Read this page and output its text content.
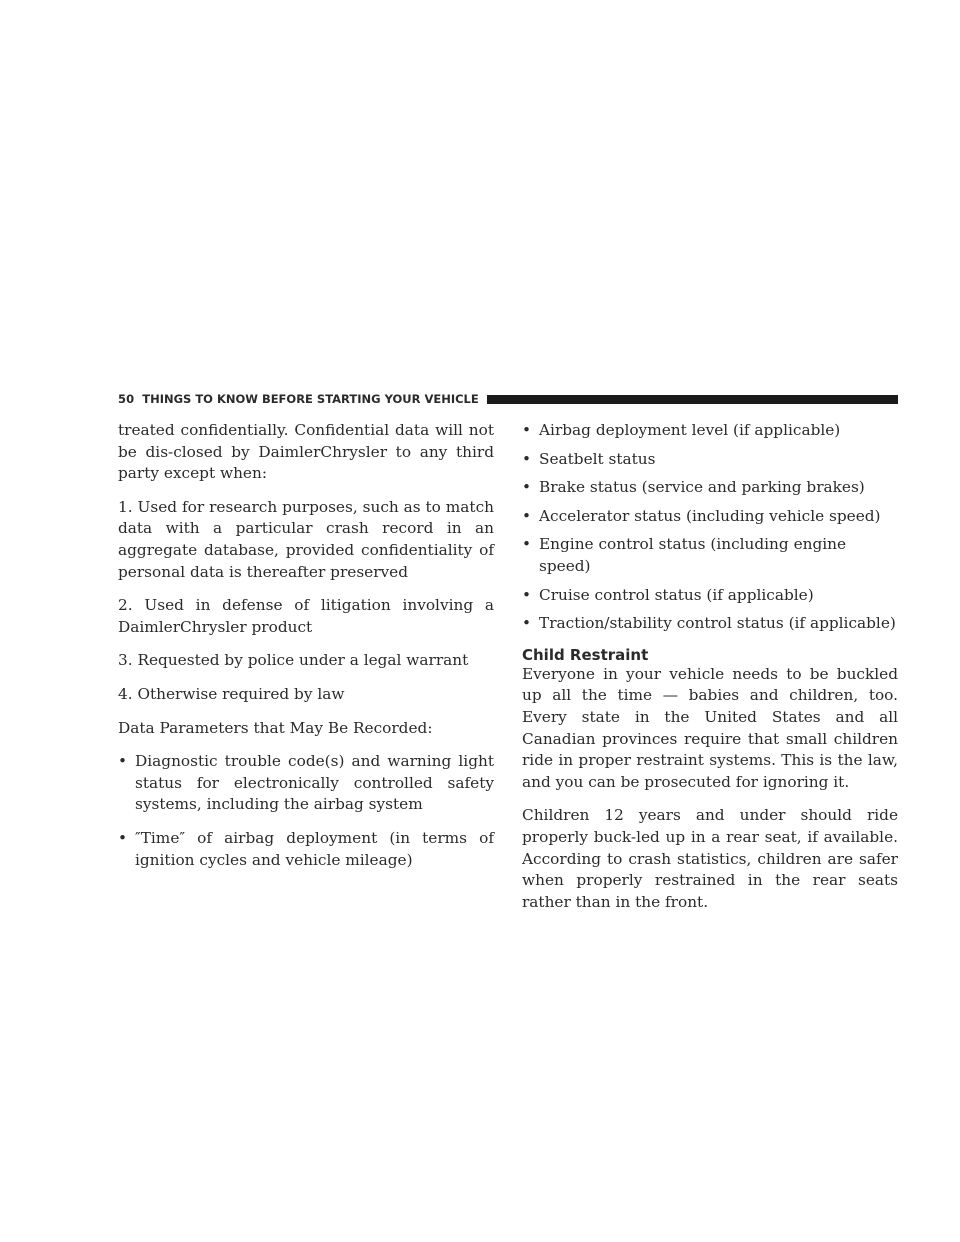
50 THINGS TO KNOW BEFORE STARTING YOUR VEHICLE

treated confidentially. Confidential data will not be dis-closed by DaimlerChrysler to any third party except when:

1. Used for research purposes, such as to match data with a particular crash record in an aggregate database, provided confidentiality of personal data is thereafter preserved

2. Used in defense of litigation involving a DaimlerChrysler product

3. Requested by police under a legal warrant

4. Otherwise required by law

Data Parameters that May Be Recorded:

• Diagnostic trouble code(s) and warning light status for electronically controlled safety systems, including the airbag system
• ″Time″ of airbag deployment (in terms of ignition cycles and vehicle mileage)
• Airbag deployment level (if applicable)
• Seatbelt status
• Brake status (service and parking brakes)
• Accelerator status (including vehicle speed)
• Engine control status (including engine speed)
• Cruise control status (if applicable)
• Traction/stability control status (if applicable)
Child Restraint

Everyone in your vehicle needs to be buckled up all the time — babies and children, too. Every state in the United States and all Canadian provinces require that small children ride in proper restraint systems. This is the law, and you can be prosecuted for ignoring it.

Children 12 years and under should ride properly buck-led up in a rear seat, if available. According to crash statistics, children are safer when properly restrained in the rear seats rather than in the front.
